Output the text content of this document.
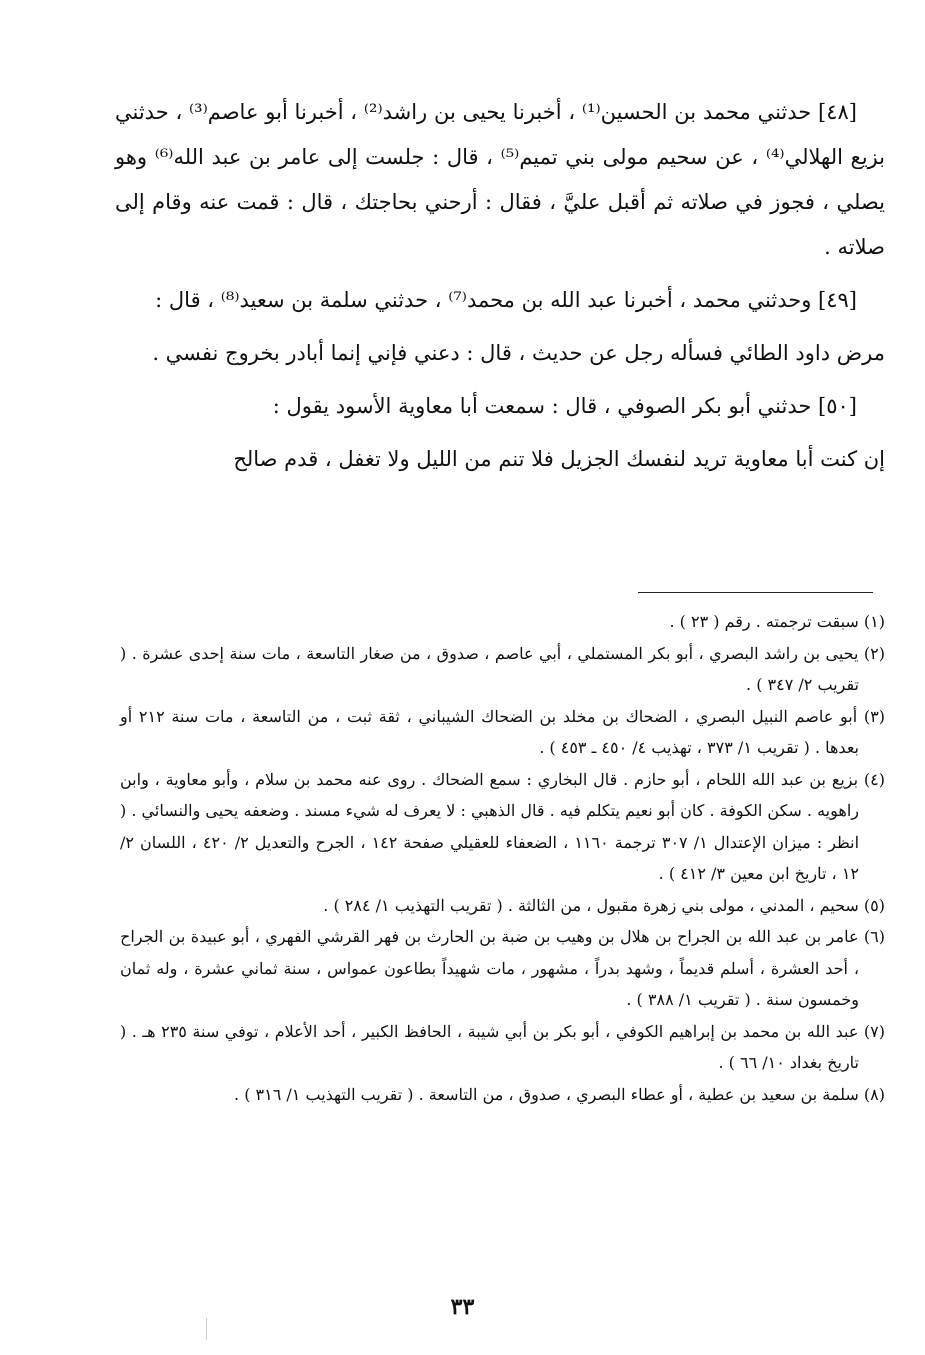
[٤٨] حدثني محمد بن الحسين⁽¹⁾ ، أخبرنا يحيى بن راشد⁽²⁾ ، أخبرنا أبو عاصم⁽³⁾ ، حدثني بزيع الهلالي⁽⁴⁾ ، عن سحيم مولى بني تميم⁽⁵⁾ ، قال : جلست إلى عامر بن عبد الله⁽⁶⁾ وهو يصلي ، فجوز في صلاته ثم أقبل عليَّ ، فقال : أرحني بحاجتك ، قال : قمت عنه وقام إلى صلاته .

[٤٩] وحدثني محمد ، أخبرنا عبد الله بن محمد⁽⁷⁾ ، حدثني سلمة بن سعيد⁽⁸⁾ ، قال :

مرض داود الطائي فسأله رجل عن حديث ، قال : دعني فإني إنما أبادر بخروج نفسي .

[٥٠] حدثني أبو بكر الصوفي ، قال : سمعت أبا معاوية الأسود يقول :

إن كنت أبا معاوية تريد لنفسك الجزيل فلا تنم من الليل ولا تغفل ، قدم صالح

(١) سبقت ترجمته . رقم ( ٢٣ ) .

(٢) يحيى بن راشد البصري ، أبو بكر المستملي ، أبي عاصم ، صدوق ، من صغار التاسعة ، مات سنة إحدى عشرة . ( تقريب ٢/ ٣٤٧ ) .

(٣) أبو عاصم النبيل البصري ، الضحاك بن مخلد بن الضحاك الشيباني ، ثقة ثبت ، من التاسعة ، مات سنة ٢١٢ أو بعدها . ( تقريب ١/ ٣٧٣ ، تهذيب ٤/ ٤٥٠ ـ ٤٥٣ ) .

(٤) بزيع بن عبد الله اللحام ، أبو حازم . قال البخاري : سمع الضحاك . روى عنه محمد بن سلام ، وأبو معاوية ، وابن راهويه . سكن الكوفة . كان أبو نعيم يتكلم فيه . قال الذهبي : لا يعرف له شيء مسند . وضعفه يحيى والنسائي . ( انظر : ميزان الإعتدال ١/ ٣٠٧ ترجمة ١١٦٠ ، الضعفاء للعقيلي صفحة ١٤٢ ، الجرح والتعديل ٢/ ٤٢٠ ، اللسان ٢/ ١٢ ، تاريخ ابن معين ٣/ ٤١٢ ) .

(٥) سحيم ، المدني ، مولى بني زهرة مقبول ، من الثالثة . ( تقريب التهذيب ١/ ٢٨٤ ) .

(٦) عامر بن عبد الله بن الجراح بن هلال بن وهيب بن ضبة بن الحارث بن فهر القرشي الفهري ، أبو عبيدة بن الجراح ، أحد العشرة ، أسلم قديماً ، وشهد بدراً ، مشهور ، مات شهيداً بطاعون عمواس ، سنة ثماني عشرة ، وله ثمان وخمسون سنة . ( تقريب ١/ ٣٨٨ ) .

(٧) عبد الله بن محمد بن إبراهيم الكوفي ، أبو بكر بن أبي شيبة ، الحافظ الكبير ، أحد الأعلام ، توفي سنة ٢٣٥ هـ . ( تاريخ بغداد ١٠/ ٦٦ ) .

(٨) سلمة بن سعيد بن عطية ، أو عطاء البصري ، صدوق ، من التاسعة . ( تقريب التهذيب ١/ ٣١٦ ) .

٣٣
